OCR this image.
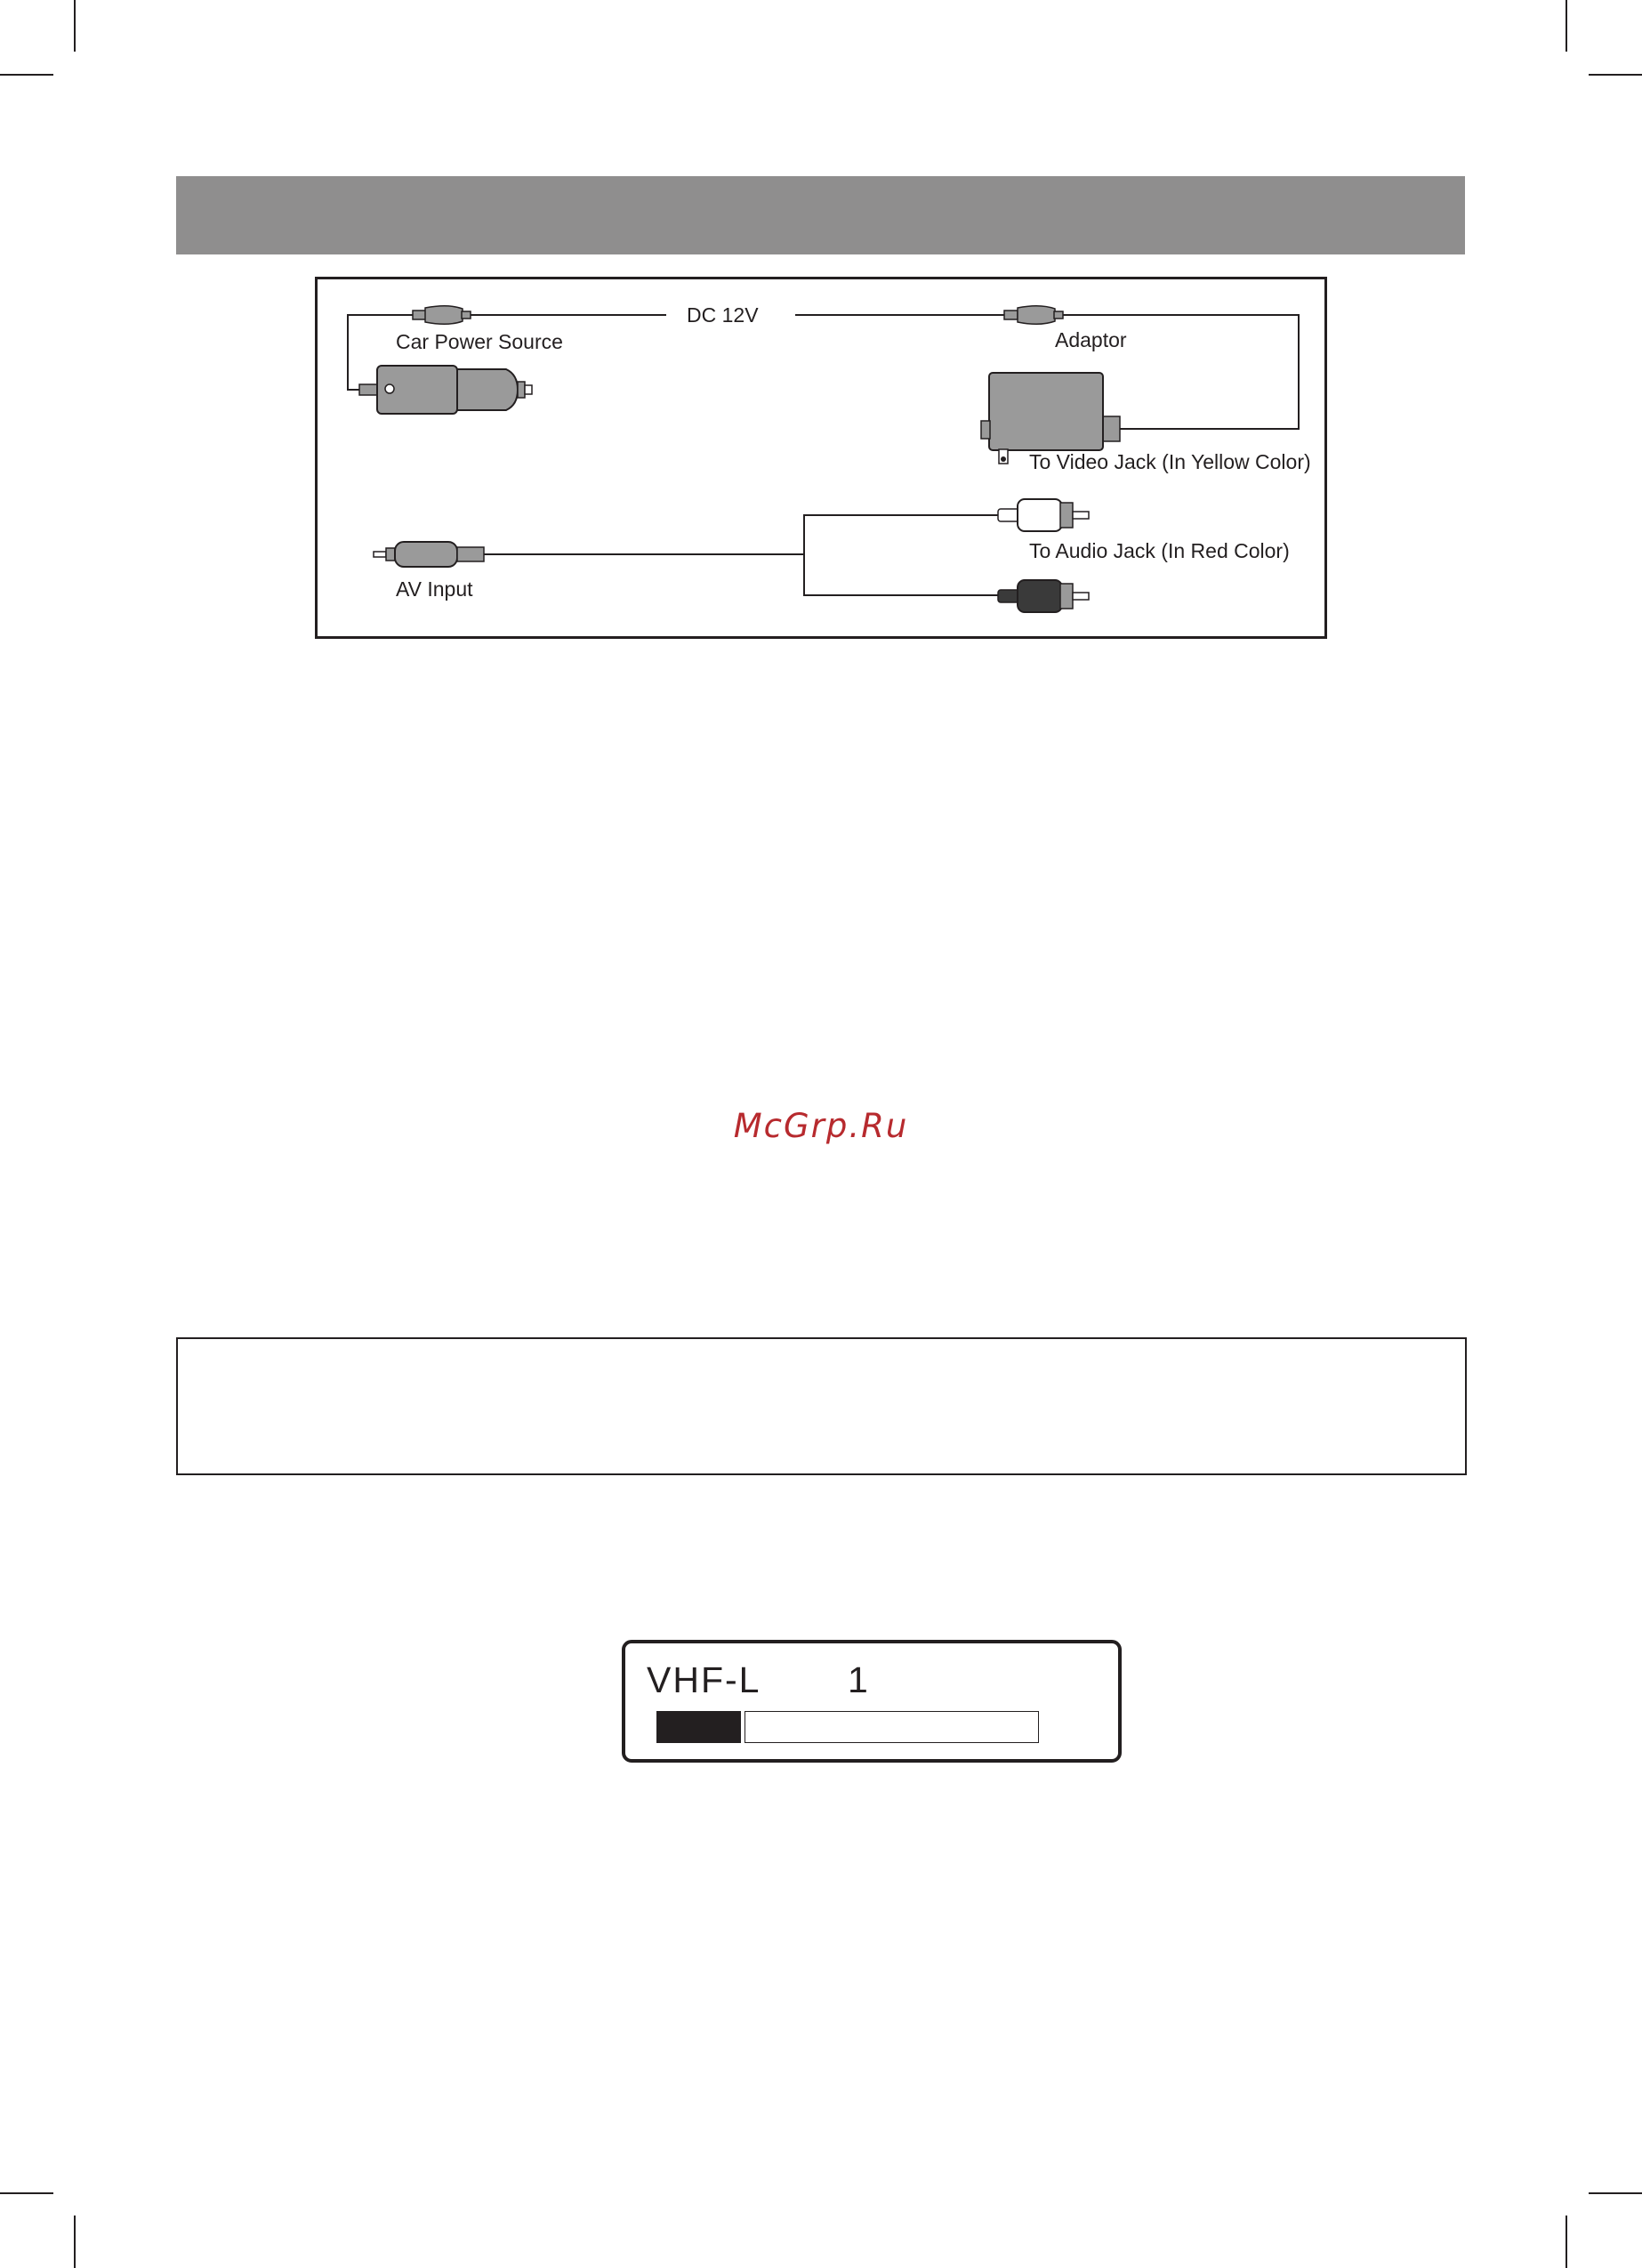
DC 12V
Car Power Source	Adaptor
To Video Jack (In Yellow Color)
AV Input
To Audio Jack (In Red Color)
McGrp.Ru
VHF-L 1
